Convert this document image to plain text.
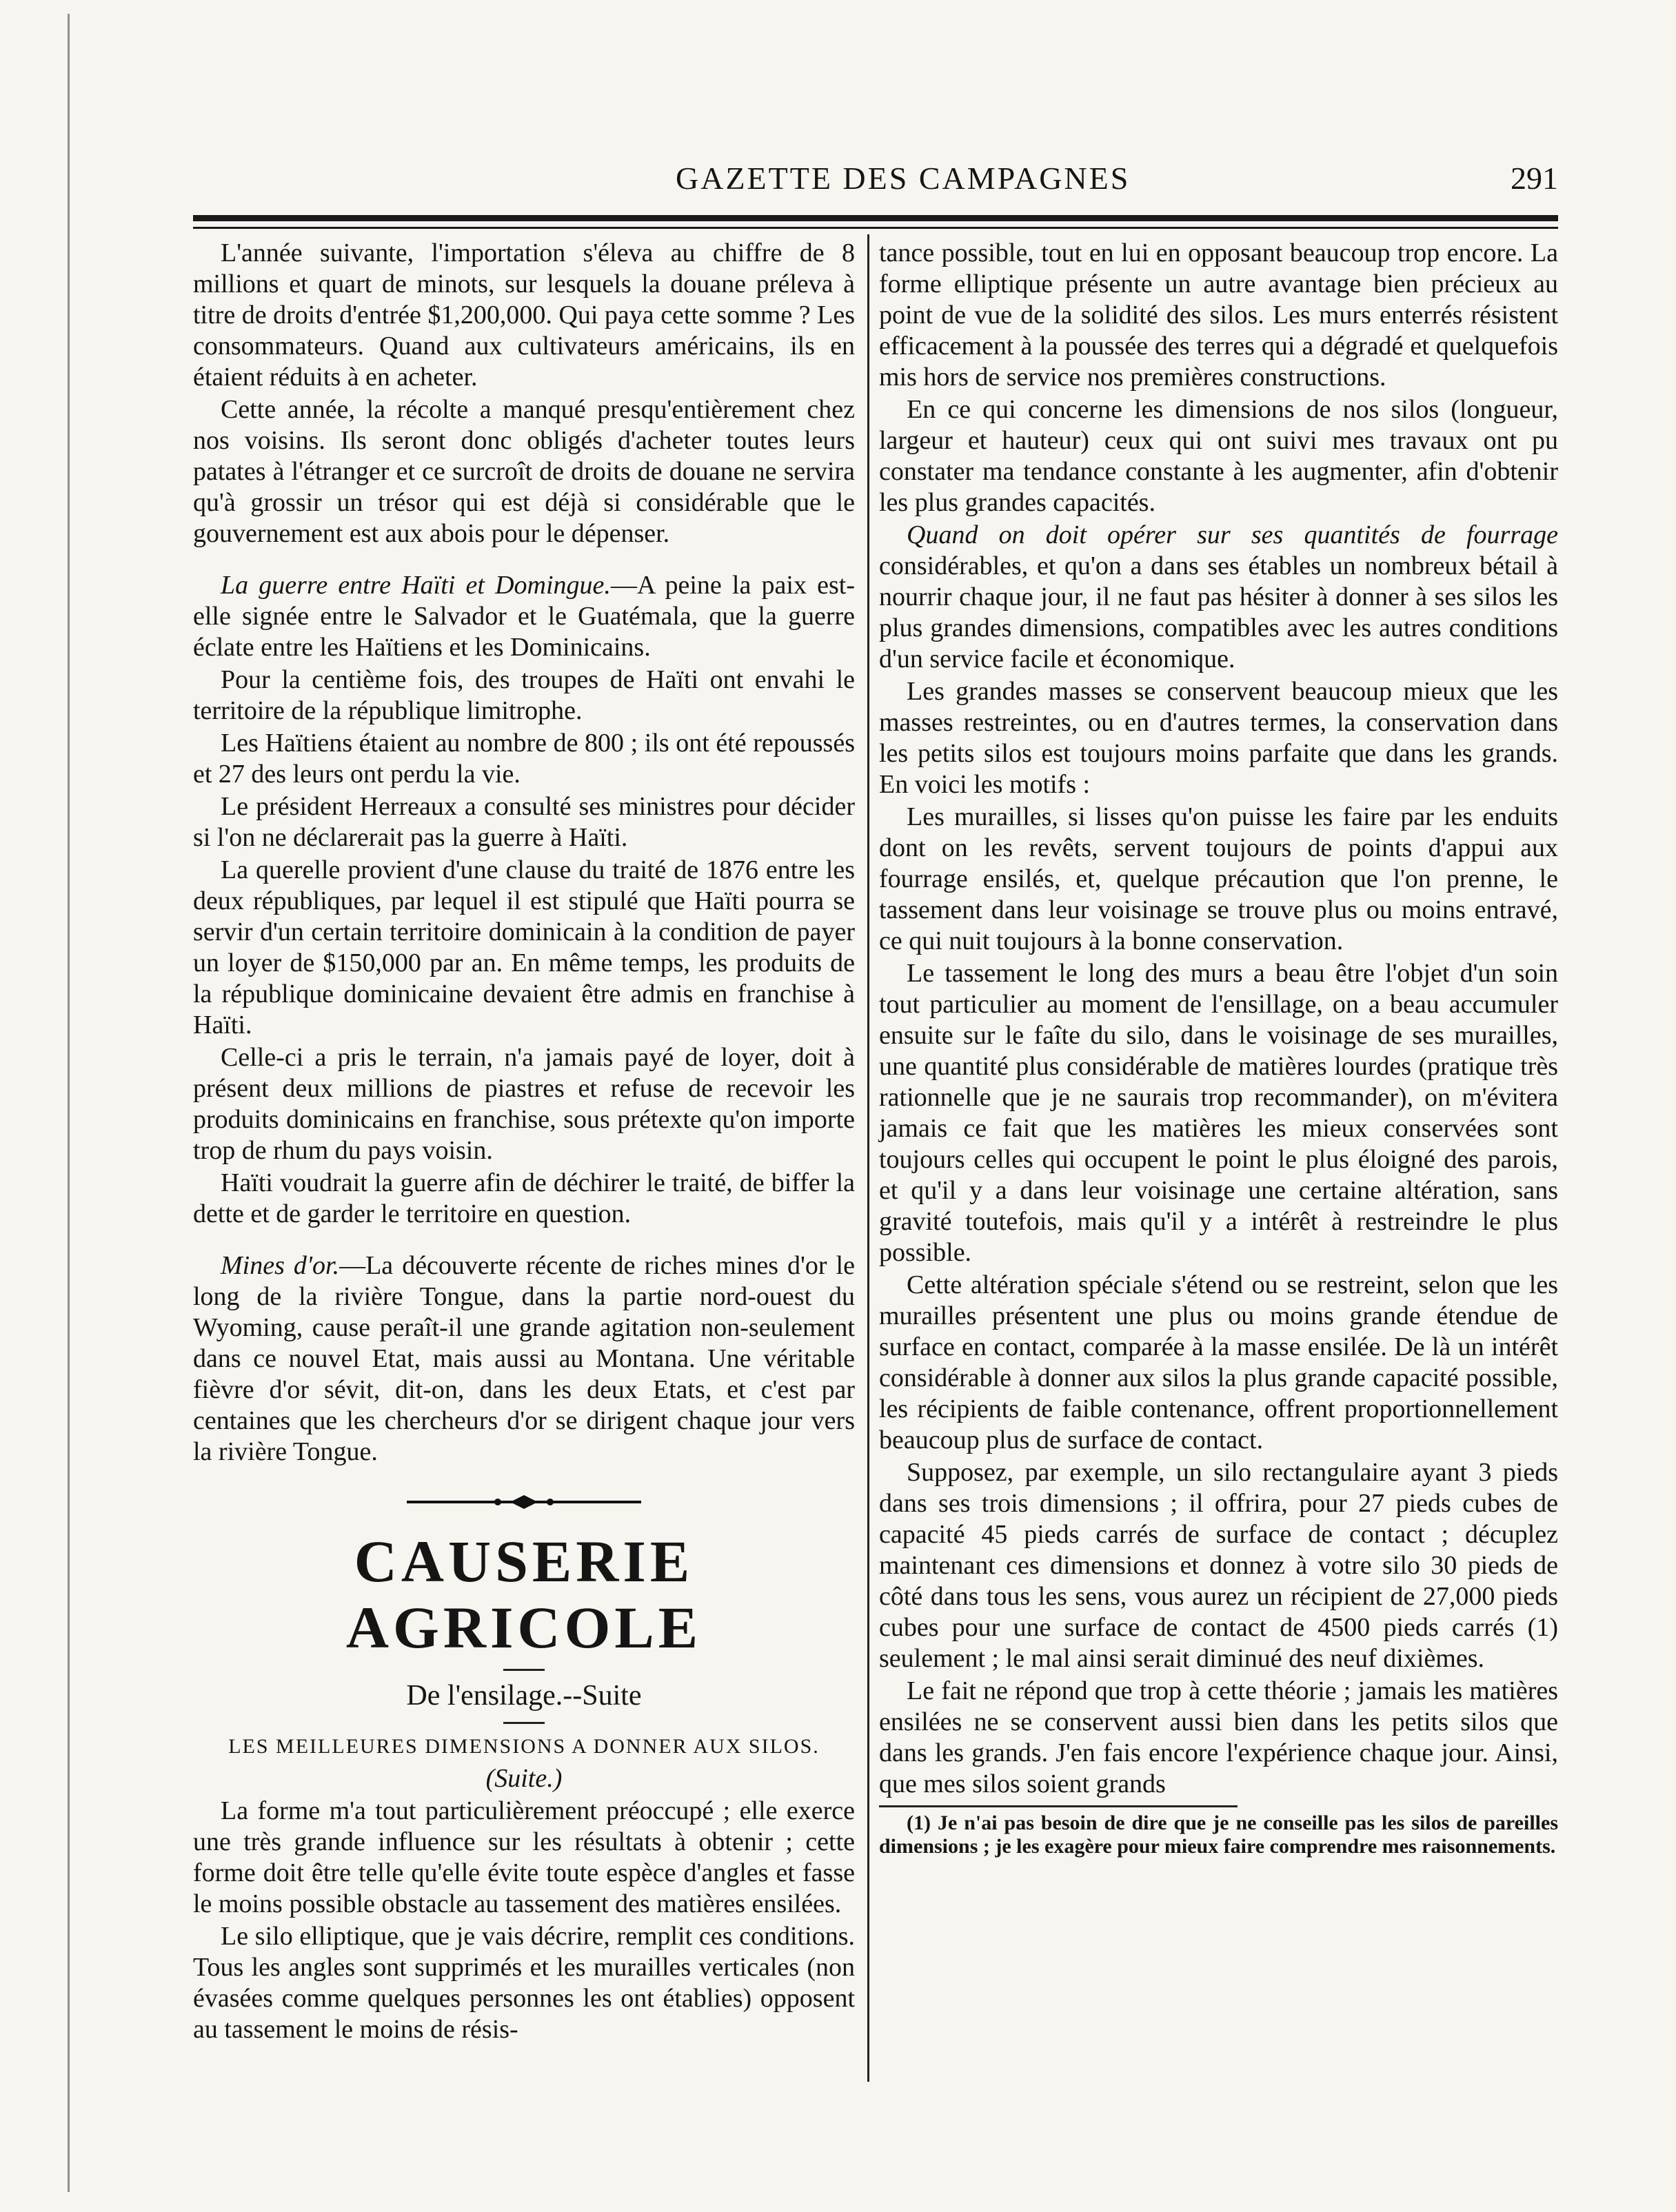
GAZETTE DES CAMPAGNES	291

L'année suivante, l'importation s'éleva au chiffre de 8 millions et quart de minots, sur lesquels la douane préleva à titre de droits d'entrée $1,200,000. Qui paya cette somme ? Les consommateurs. Quand aux cultivateurs américains, ils en étaient réduits à en acheter.

Cette année, la récolte a manqué presqu'entièrement chez nos voisins. Ils seront donc obligés d'acheter toutes leurs patates à l'étranger et ce surcroît de droits de douane ne servira qu'à grossir un trésor qui est déjà si considérable que le gouvernement est aux abois pour le dépenser.

La guerre entre Haïti et Domingue.—A peine la paix est-elle signée entre le Salvador et le Guatémala, que la guerre éclate entre les Haïtiens et les Dominicains.

Pour la centième fois, des troupes de Haïti ont envahi le territoire de la république limitrophe.

Les Haïtiens étaient au nombre de 800 ; ils ont été repoussés et 27 des leurs ont perdu la vie.

Le président Herreaux a consulté ses ministres pour décider si l'on ne déclarerait pas la guerre à Haïti.

La querelle provient d'une clause du traité de 1876 entre les deux républiques, par lequel il est stipulé que Haïti pourra se servir d'un certain territoire dominicain à la condition de payer un loyer de $150,000 par an. En même temps, les produits de la république dominicaine devaient être admis en franchise à Haïti.

Celle-ci a pris le terrain, n'a jamais payé de loyer, doit à présent deux millions de piastres et refuse de recevoir les produits dominicains en franchise, sous prétexte qu'on importe trop de rhum du pays voisin.

Haïti voudrait la guerre afin de déchirer le traité, de biffer la dette et de garder le territoire en question.

Mines d'or.—La découverte récente de riches mines d'or le long de la rivière Tongue, dans la partie nord-ouest du Wyoming, cause peraît-il une grande agitation non-seulement dans ce nouvel Etat, mais aussi au Montana. Une véritable fièvre d'or sévit, dit-on, dans les deux Etats, et c'est par centaines que les chercheurs d'or se dirigent chaque jour vers la rivière Tongue.

CAUSERIE AGRICOLE

De l'ensilage.--Suite

LES MEILLEURES DIMENSIONS A DONNER AUX SILOS.

(Suite.)

La forme m'a tout particulièrement préoccupé ; elle exerce une très grande influence sur les résultats à obtenir ; cette forme doit être telle qu'elle évite toute espèce d'angles et fasse le moins possible obstacle au tassement des matières ensilées.

Le silo elliptique, que je vais décrire, remplit ces conditions. Tous les angles sont supprimés et les murailles verticales (non évasées comme quelques personnes les ont établies) opposent au tassement le moins de résis-

tance possible, tout en lui en opposant beaucoup trop encore. La forme elliptique présente un autre avantage bien précieux au point de vue de la solidité des silos. Les murs enterrés résistent efficacement à la poussée des terres qui a dégradé et quelquefois mis hors de service nos premières constructions.

En ce qui concerne les dimensions de nos silos (longueur, largeur et hauteur) ceux qui ont suivi mes travaux ont pu constater ma tendance constante à les augmenter, afin d'obtenir les plus grandes capacités.

Quand on doit opérer sur ses quantités de fourrage considérables, et qu'on a dans ses étables un nombreux bétail à nourrir chaque jour, il ne faut pas hésiter à donner à ses silos les plus grandes dimensions, compatibles avec les autres conditions d'un service facile et économique.

Les grandes masses se conservent beaucoup mieux que les masses restreintes, ou en d'autres termes, la conservation dans les petits silos est toujours moins parfaite que dans les grands. En voici les motifs :

Les murailles, si lisses qu'on puisse les faire par les enduits dont on les revêts, servent toujours de points d'appui aux fourrage ensilés, et, quelque précaution que l'on prenne, le tassement dans leur voisinage se trouve plus ou moins entravé, ce qui nuit toujours à la bonne conservation.

Le tassement le long des murs a beau être l'objet d'un soin tout particulier au moment de l'ensillage, on a beau accumuler ensuite sur le faîte du silo, dans le voisinage de ses murailles, une quantité plus considérable de matières lourdes (pratique très rationnelle que je ne saurais trop recommander), on m'évitera jamais ce fait que les matières les mieux conservées sont toujours celles qui occupent le point le plus éloigné des parois, et qu'il y a dans leur voisinage une certaine altération, sans gravité toutefois, mais qu'il y a intérêt à restreindre le plus possible.

Cette altération spéciale s'étend ou se restreint, selon que les murailles présentent une plus ou moins grande étendue de surface en contact, comparée à la masse ensilée. De là un intérêt considérable à donner aux silos la plus grande capacité possible, les récipients de faible contenance, offrent proportionnellement beaucoup plus de surface de contact.

Supposez, par exemple, un silo rectangulaire ayant 3 pieds dans ses trois dimensions ; il offrira, pour 27 pieds cubes de capacité 45 pieds carrés de surface de contact ; décuplez maintenant ces dimensions et donnez à votre silo 30 pieds de côté dans tous les sens, vous aurez un récipient de 27,000 pieds cubes pour une surface de contact de 4500 pieds carrés (1) seulement ; le mal ainsi serait diminué des neuf dixièmes.

Le fait ne répond que trop à cette théorie ; jamais les matières ensilées ne se conservent aussi bien dans les petits silos que dans les grands. J'en fais encore l'expérience chaque jour. Ainsi, que mes silos soient grands

(1) Je n'ai pas besoin de dire que je ne conseille pas les silos de pareilles dimensions ; je les exagère pour mieux faire comprendre mes raisonnements.
